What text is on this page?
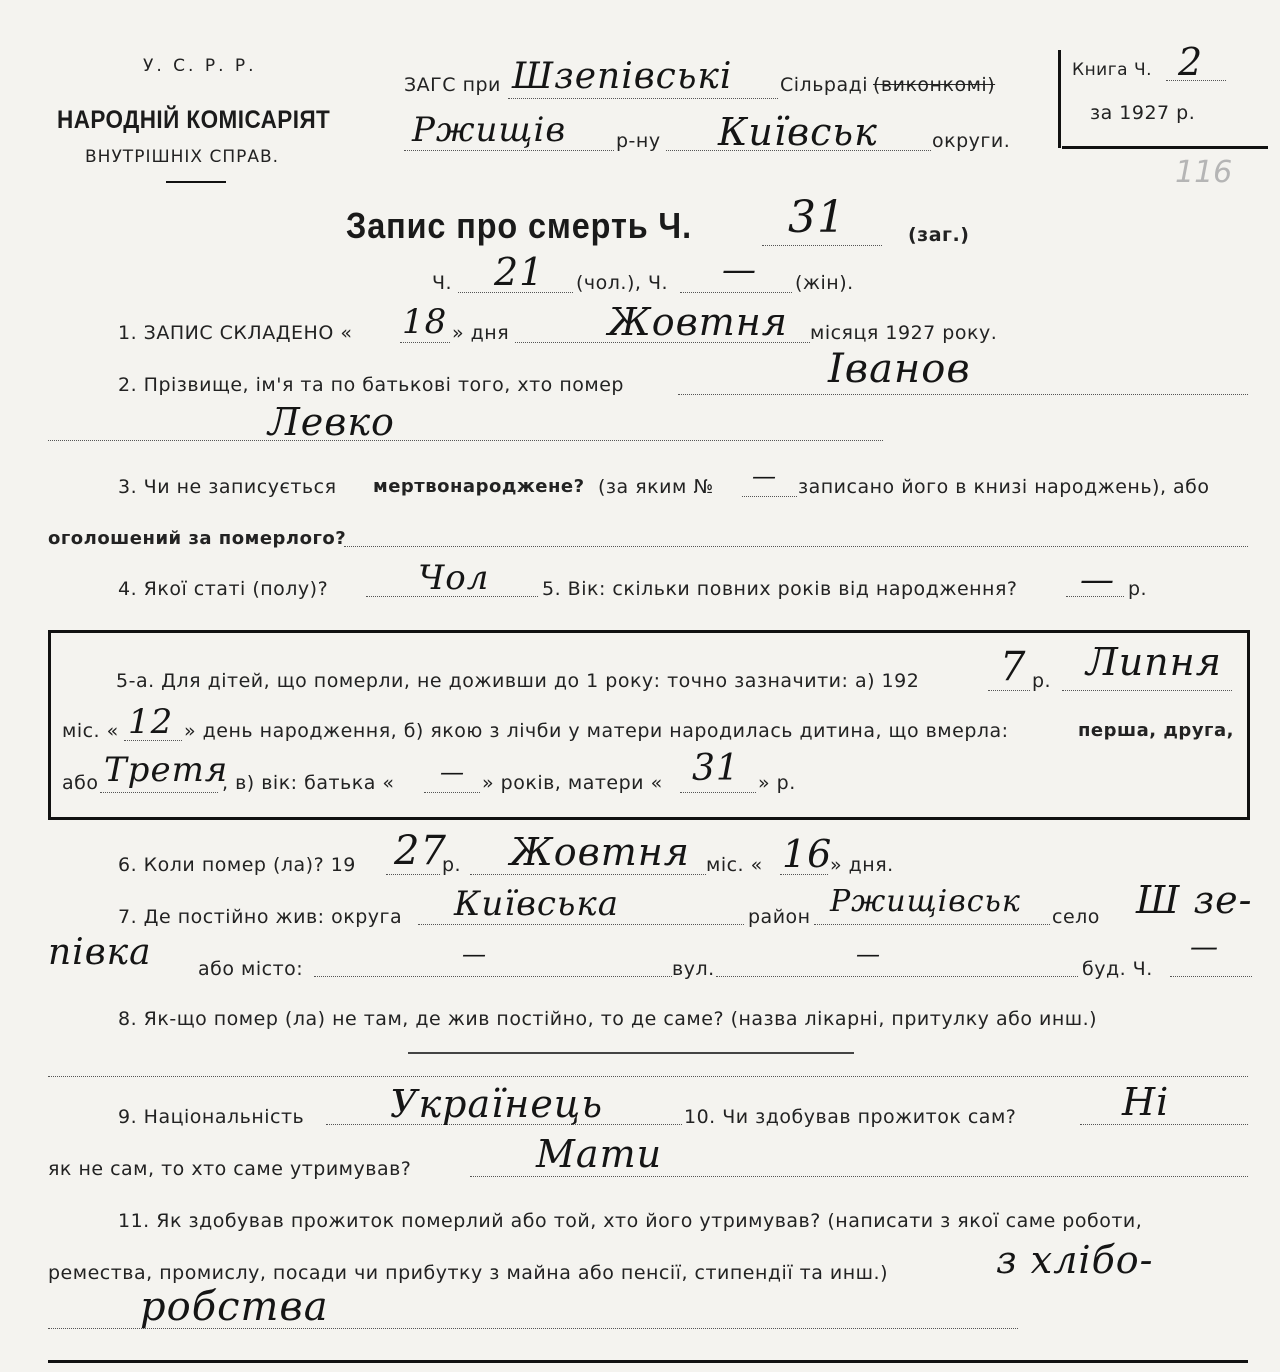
У. С. Р. Р.
НАРОДНІЙ КОМІСАРІЯТ
ВНУТРІШНІХ СПРАВ.
ЗАГС при Шзепівські	Сільраді (виконкомі)
Ржищів	р-ну Київськ	округи.
Книга Ч. 2
за 1927 р.
116
Запис про смерть Ч. 31	(заг.)
Ч. 21 (чол.), Ч. — (жін).
1. ЗАПИС СКЛАДЕНО « 18 » дня	Жовтня місяця 1927 року.
2. Прізвище, ім'я та по батькові того, хто помер	Іванов
Левко
3. Чи не записується мертвонароджене? (за яким № — записано його в книзі народжень), або
оголошений за померлого?
4. Якої статі (полу)?	Чол	5. Вік: скільки повних років від народження? — р.
5-а. Для дітей, що померли, не доживши до 1 року: точно зазначити: а) 192 7 р. Липня
міс. « 12 » день народження, б) якою з лічби у матери народилась дитина, що вмерла:	перша, друга,
або Третя
, в) вік: батька « — » років, матери « 31 » р.
6. Коли помер (ла)? 19 27
р. Жовтня міс. « 16
» дня.
7. Де постійно жив: округа Київська	район Ржищівськ село Ш зе-
півка або місто:
—
вул.
—
буд. Ч.
—
8. Як-що помер (ла) не там, де жив постійно, то де саме? (назва лікарні, притулку або инш.)
9. Національність Українець	10. Чи здобував прожиток сам?	Ні
як не сам, то хто саме утримував?	Мати
11. Як здобував прожиток померлий або той, хто його утримував? (написати з якої саме роботи,
ремества, промислу, посади чи прибутку з майна або пенсії, стипендії та инш.)	з хлібо-
робства
